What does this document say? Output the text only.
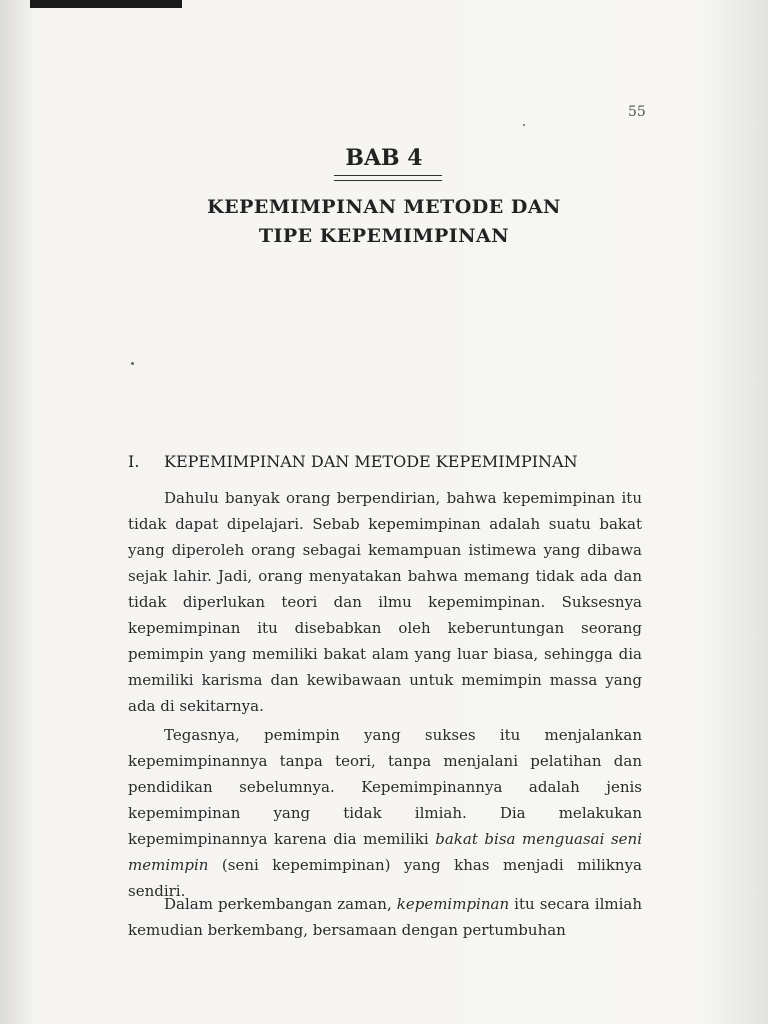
55
BAB 4
KEPEMIMPINAN METODE DAN
TIPE KEPEMIMPINAN
I. KEPEMIMPINAN DAN METODE KEPEMIMPINAN

Dahulu banyak orang berpendirian, bahwa kepemimpinan itu tidak dapat dipelajari. Sebab kepemimpinan adalah suatu bakat yang diperoleh orang sebagai kemampuan istimewa yang dibawa sejak lahir. Jadi, orang menyatakan bahwa memang tidak ada dan tidak diperlukan teori dan ilmu kepemimpinan. Suksesnya kepemimpinan itu disebabkan oleh keberuntungan seorang pemimpin yang memiliki bakat alam yang luar biasa, sehingga dia memiliki karisma dan kewibawaan untuk memimpin massa yang ada di sekitarnya.

Tegasnya, pemimpin yang sukses itu menjalankan kepemimpinannya tanpa teori, tanpa menjalani pelatihan dan pendidikan sebelumnya. Kepemimpinannya adalah jenis kepemimpinan yang tidak ilmiah. Dia melakukan kepemimpinannya karena dia memiliki bakat bisa menguasai seni memimpin (seni kepemimpinan) yang khas menjadi miliknya sendiri.

Dalam perkembangan zaman, kepemimpinan itu secara ilmiah kemudian berkembang, bersamaan dengan pertumbuhan
